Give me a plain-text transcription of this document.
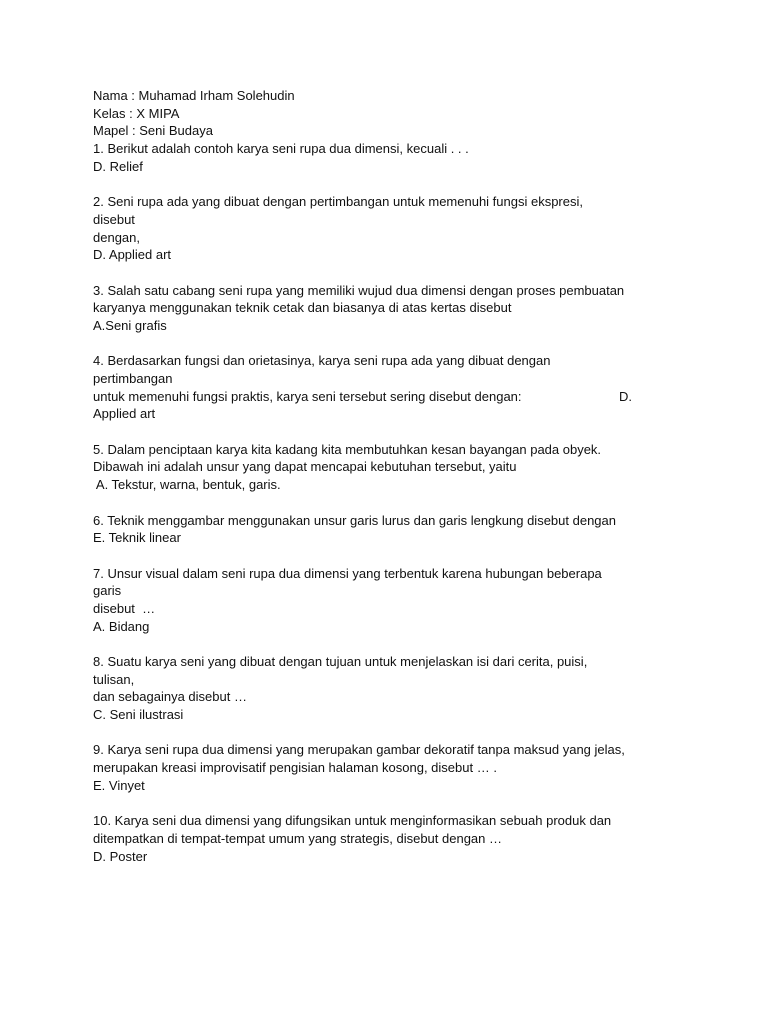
Nama : Muhamad Irham Solehudin
Kelas : X MIPA
Mapel : Seni Budaya
1. Berikut adalah contoh karya seni rupa dua dimensi, kecuali . . .
D. Relief
2. Seni rupa ada yang dibuat dengan pertimbangan untuk memenuhi fungsi ekspresi,
disebut
dengan,
D. Applied art
3. Salah satu cabang seni rupa yang memiliki wujud dua dimensi dengan proses pembuatan
karyanya menggunakan teknik cetak dan biasanya di atas kertas disebut
A.Seni grafis
4. Berdasarkan fungsi dan orietasinya, karya seni rupa ada yang dibuat dengan
pertimbangan
untuk memenuhi fungsi praktis, karya seni tersebut sering disebut dengan:	D.
Applied art
5. Dalam penciptaan karya kita kadang kita membutuhkan kesan bayangan pada obyek.
Dibawah ini adalah unsur yang dapat mencapai kebutuhan tersebut, yaitu
A. Tekstur, warna, bentuk, garis.
6. Teknik menggambar menggunakan unsur garis lurus dan garis lengkung disebut dengan
E. Teknik linear
7. Unsur visual dalam seni rupa dua dimensi yang terbentuk karena hubungan beberapa
garis
disebut  …
A. Bidang
8. Suatu karya seni yang dibuat dengan tujuan untuk menjelaskan isi dari cerita, puisi,
tulisan,
dan sebagainya disebut …
C. Seni ilustrasi
9. Karya seni rupa dua dimensi yang merupakan gambar dekoratif tanpa maksud yang jelas,
merupakan kreasi improvisatif pengisian halaman kosong, disebut … .
E. Vinyet
10. Karya seni dua dimensi yang difungsikan untuk menginformasikan sebuah produk dan
ditempatkan di tempat-tempat umum yang strategis, disebut dengan …
D. Poster
